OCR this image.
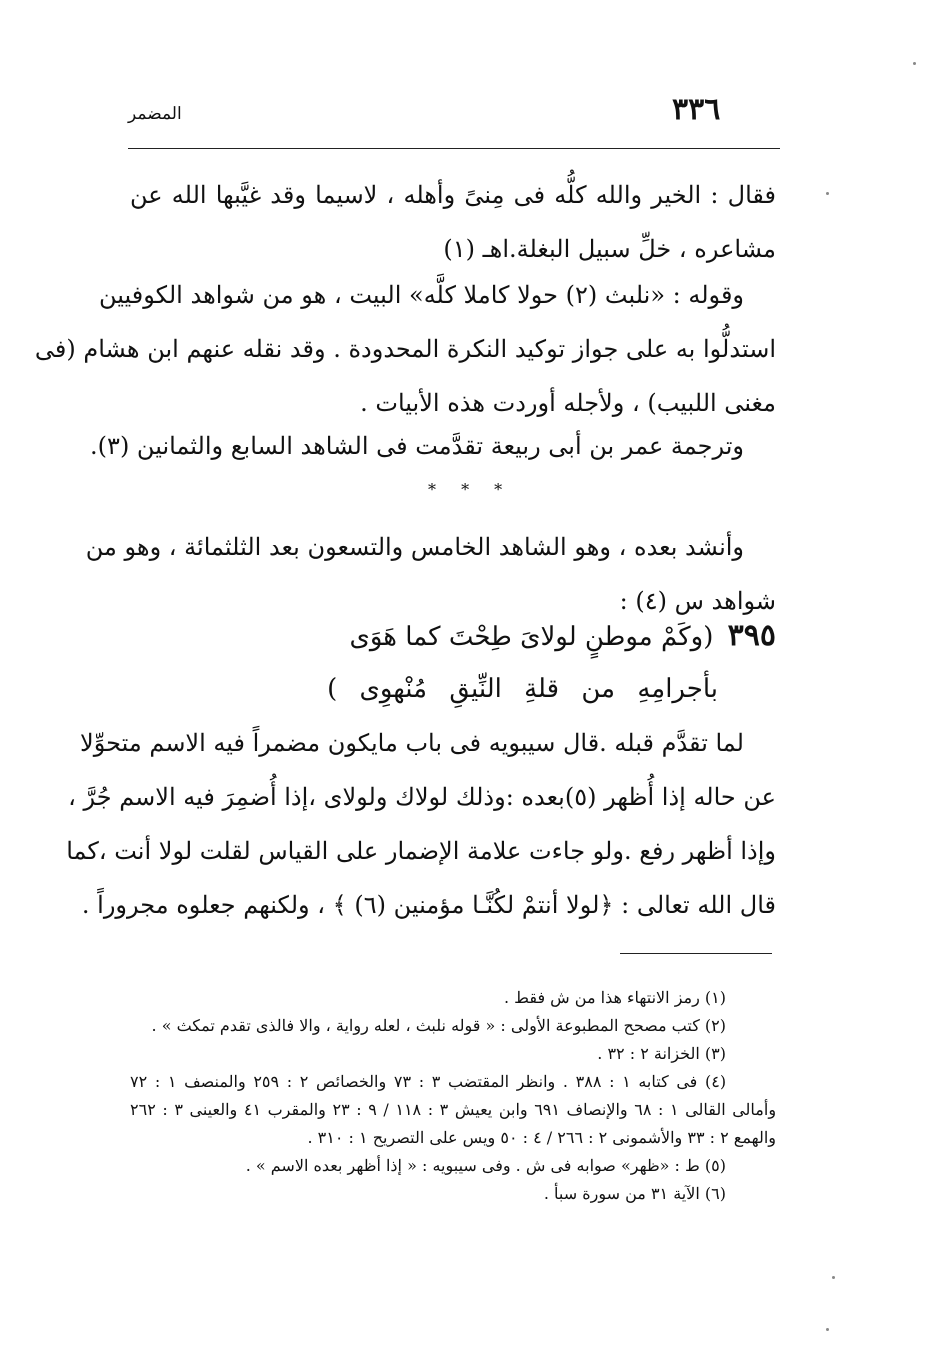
٣٣٦
المضمر
فقال : الخير والله كلُّه فى مِنىً وأهله ، لاسيما وقد غيَّبها الله عن
مشاعره ، خلِّ سبيل البغلة.اهـ (١)
وقوله : «نلبث (٢) حولا كاملا كلَّه» البيت ، هو من شواهد الكوفيين
استدلُّوا به على جواز توكيد النكرة المحدودة . وقد نقله عنهم ابن هشام (فى
مغنى اللبيب) ، ولأجله أوردت هذه الأبيات .
وترجمة عمر بن أبى ربيعة تقدَّمت فى الشاهد السابع والثمانين (٣).
* * *
وأنشد بعده ، وهو الشاهد الخامس والتسعون بعد الثلثمائة ، وهو من
شواهد س (٤) :
٣٩٥ (وكَمْ موطنٍ لولاىَ طِحْتَ كما هَوَى
بأجرامِهِ من قلةِ النِّيقِ مُنْهوِى )
لما تقدَّم قبله .قال سيبويه فى باب مايكون مضمراً فيه الاسم متحوِّلا
عن حاله إذا أُظهر (٥)بعده :وذلك لولاك ولولاى ،إذا أُضمِرَ فيه الاسم جُرَّ ،
وإذا أظهر رفع .ولو جاءت علامة الإضمار على القياس لقلت لولا أنت ،كما
قال الله تعالى : ﴿لولا أنتمْ لكُنَّـا مؤمنين (٦) ﴾ ، ولكنهم جعلوه مجروراً .
(١) رمز الانتهاء هذا من ش فقط .
(٢) كتب مصحح المطبوعة الأولى : « قوله نلبث ، لعله رواية ، والا فالذى تقدم تمكث » .
(٣) الخزانة ٢ : ٣٢ .
(٤) فى كتابه ١ : ٣٨٨ . وانظر المقتضب ٣ : ٧٣ والخصائص ٢ : ٢٥٩ والمنصف ١ : ٧٢
وأمالى القالى ١ : ٦٨ والإنصاف ٦٩١ وابن يعيش ٣ : ١١٨ / ٩ : ٢٣ والمقرب ٤١ والعينى ٣ : ٢٦٢
والهمع ٢ : ٣٣ والأشمونى ٢ : ٢٦٦ / ٤ : ٥٠ ويس على التصريح ١ : ٣١٠ .
(٥) ط : «ظهر» صوابه فى ش . وفى سيبويه : « إذا أظهر بعده الاسم » .
(٦) الآية ٣١ من سورة سبأ .
